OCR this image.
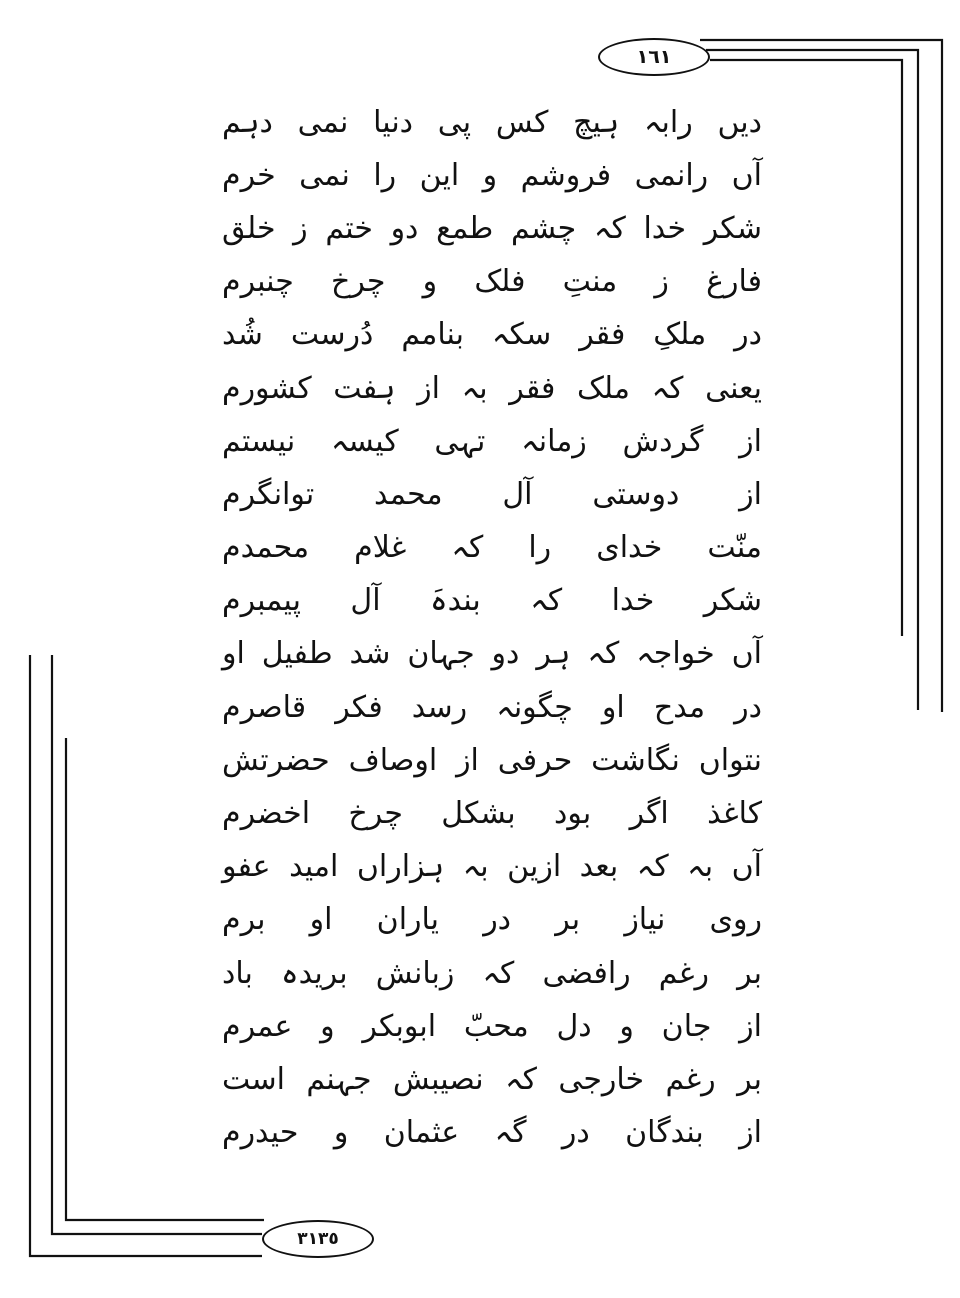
١٦١
دیں رابہ ہیچ کس پی دنیا نمی دہم
آں رانمی فروشم و این را نمی خرم
شکر خدا کہ چشم طمع دو ختم ز خلق
فارغ ز منتِ فلک و چرخ چنبرم
در ملکِ فقر سکہ بنامم دُرست شُد
یعنی کہ ملک فقر بہ از ہفت کشورم
از گردش زمانہ تہی کیسہ نیستم
از دوستی آل محمد توانگرم
منّت خدای را کہ غلام محمدم
شکر خدا کہ بندہَ آل پیمبرم
آں خواجہ کہ ہر دو جہان شد طفیل او
در مدح او چگونہ رسد فکر قاصرم
نتواں نگاشت حرفی از اوصاف حضرتش
کاغذ اگر بود بشکل چرخ اخضرم
آں بہ کہ بعد ازین بہ ہزاراں امید عفو
روی نیاز بر در یاران او برم
بر رغم رافضی کہ زبانش بریدہ باد
از جان و دل محبّ ابوبکر و عمرم
بر رغم خارجی کہ نصیبش جہنم است
از بندگان در گہ عثمان و حیدرم
٣١٣٥
